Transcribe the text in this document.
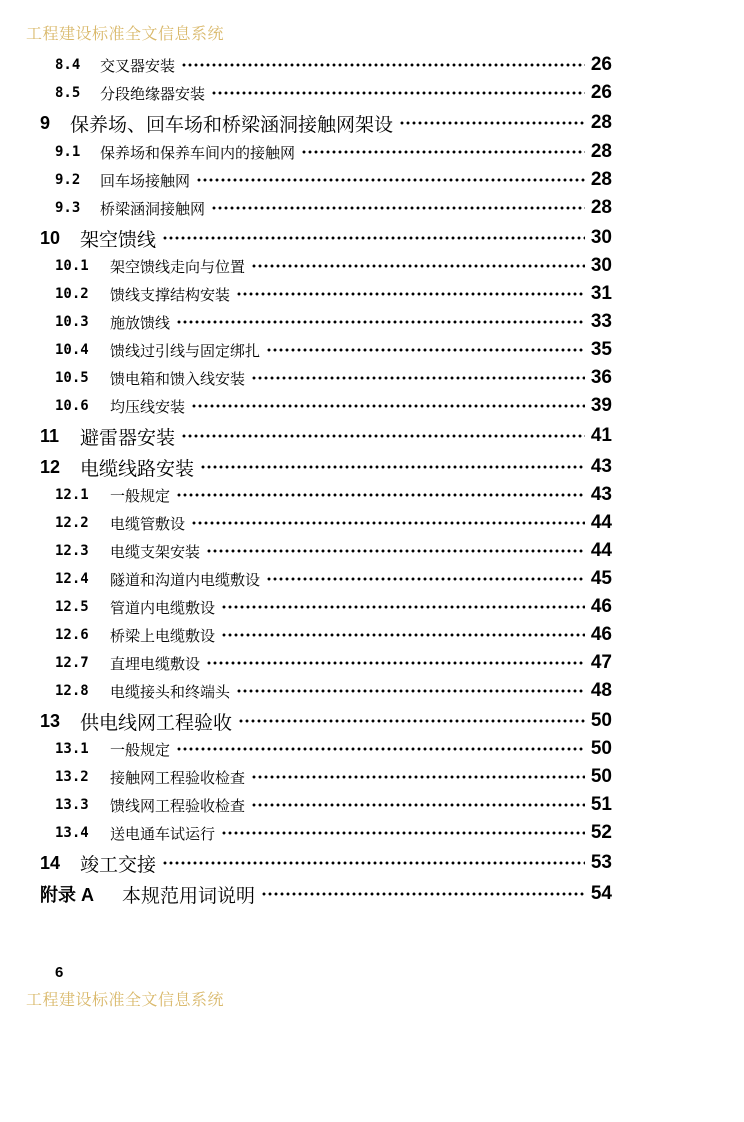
工程建设标准全文信息系统
8.4	交叉器安装	26
8.5	分段绝缘器安装	26
9	保养场、回车场和桥梁涵洞接触网架设	28
9.1	保养场和保养车间内的接触网	28
9.2	回车场接触网	28
9.3	桥梁涵洞接触网	28
10	架空馈线	30
10.1	架空馈线走向与位置	30
10.2	馈线支撑结构安装	31
10.3	施放馈线	33
10.4	馈线过引线与固定绑扎	35
10.5	馈电箱和馈入线安装	36
10.6	均压线安装	39
11	避雷器安装	41
12	电缆线路安装	43
12.1	一般规定	43
12.2	电缆管敷设	44
12.3	电缆支架安装	44
12.4	隧道和沟道内电缆敷设	45
12.5	管道内电缆敷设	46
12.6	桥梁上电缆敷设	46
12.7	直埋电缆敷设	47
12.8	电缆接头和终端头	48
13	供电线网工程验收	50
13.1	一般规定	50
13.2	接触网工程验收检查	50
13.3	馈线网工程验收检查	51
13.4	送电通车试运行	52
14	竣工交接	53
附录 A	本规范用词说明	54
6
工程建设标准全文信息系统
